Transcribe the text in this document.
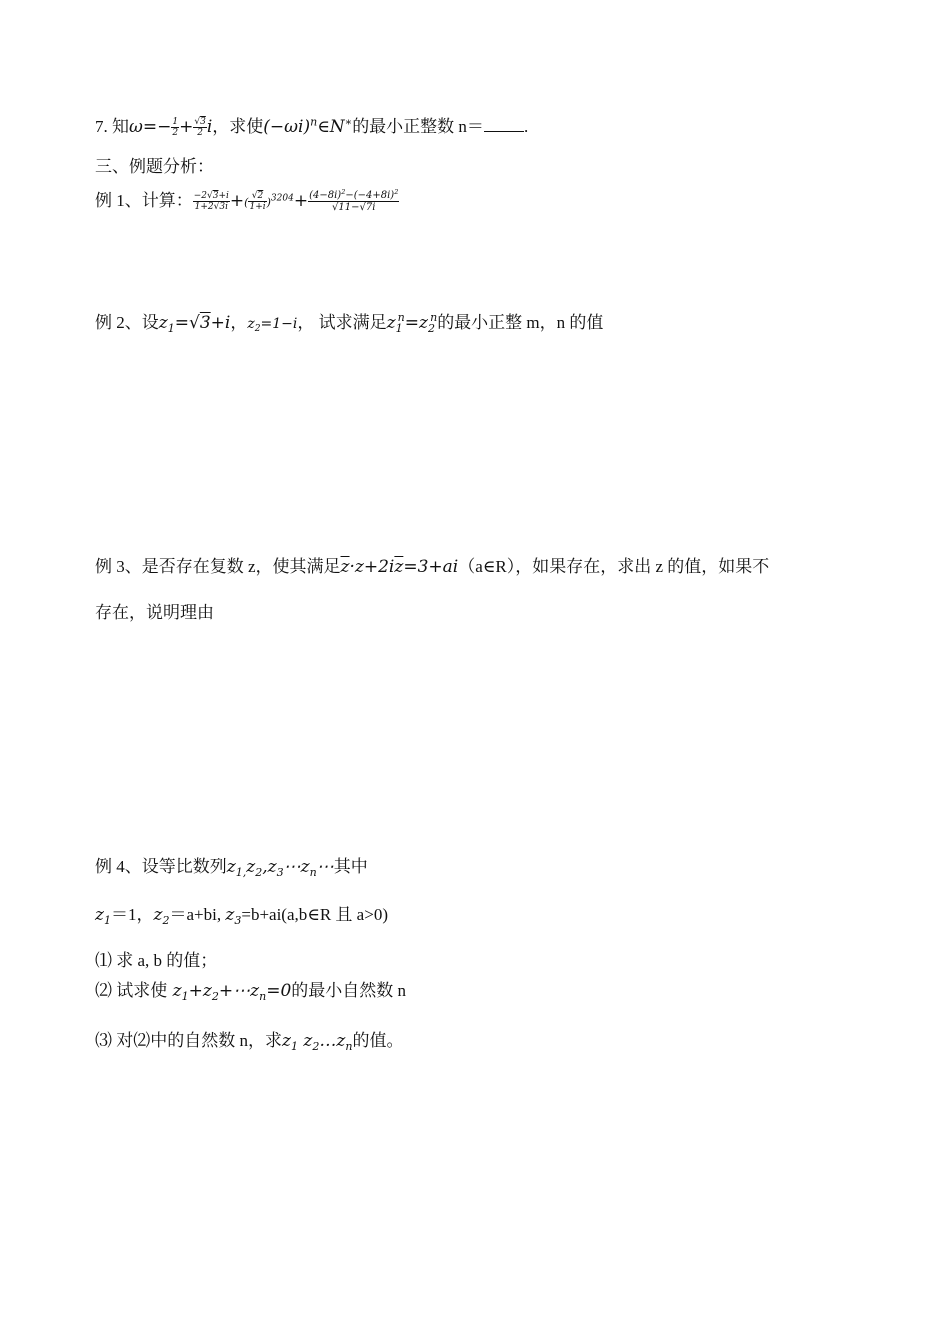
7. 知$\omega=- \frac{1}{2} + \frac{√3}{2}$ i，求使$(-\omega i)^n\in N^∗$的最小正整数 n＝ .
三、例题分析：
例 1、计算： $\frac{-2√3+i}{1+2√3i}$ +( $\frac{√2}{1+i} )^{3204}+ \frac{(4-8i)^2-(-4+8i)^2}{√11-√7i}$
例 2、设$z_1=√3+i$，$z_2=1-i$， 试求满足$z_1^n=z_2^n$的最小正整 m，n 的值
例 3、是否存在复数 z，使其满足$\overline{z}\cdot z+2i\overline{z}=3+ai(a\in R)$，如果存在，求出 z 的值，如果不
存在，说明理由
例 4、设等比数列$z_{1,}z_2,z_3\cdots z_n\cdots$其中
$z_1=1$，$z_2=a+bi$, $z_3=b+ai(a,b\in R$ 且 a>0)
⑴ 求 a, b 的值；
⑵ 试求使 $z_1+z_2+\cdots z_n=0$的最小自然数 n
⑶ 对⑵中的自然数 n，求$z_1$ $z_2\dots z_n$的值。
